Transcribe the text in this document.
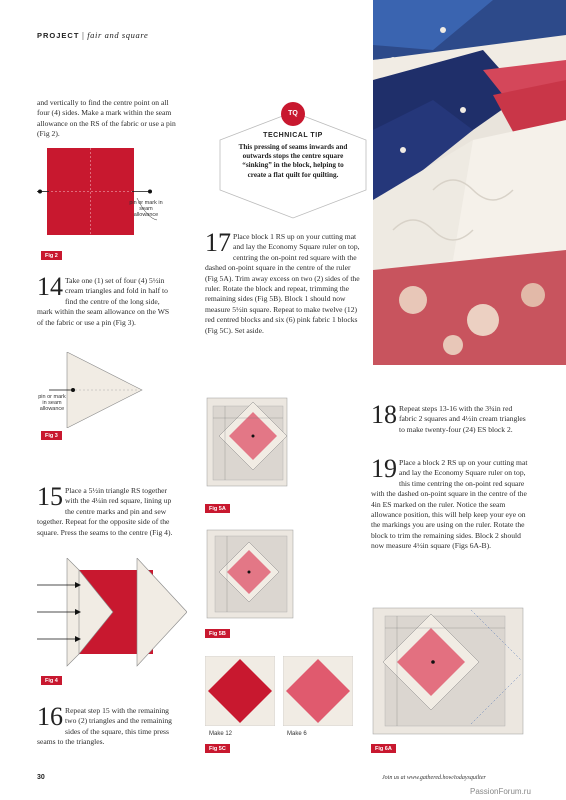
PROJECT | fair and square
and vertically to find the centre point on all four (4) sides. Make a mark within the seam allowance on the RS of the fabric or use a pin (Fig 2).
TQ
TECHNICAL TIP
This pressing of seams inwards and outwards stops the centre square “sinking” in the block, helping to create a flat quilt for quilting.
pin or mark in seam allowance
Fig 2
14 Take one (1) set of four (4) 5½in cream triangles and fold in half to find the centre of the long side, mark within the seam allowance on the WS of the fabric or use a pin (Fig 3).
pin or mark in seam allowance
Fig 3
15 Place a 5½in triangle RS together with the 4¼in red square, lining up the centre marks and pin and sew together. Repeat for the opposite side of the square. Press the seams to the centre (Fig 4).
Fig 4
16 Repeat step 15 with the remaining two (2) triangles and the remaining sides of the square, this time press seams to the triangles.
17 Place block 1 RS up on your cutting mat and lay the Economy Square ruler on top, centring the on-point red square with the dashed on-point square in the centre of the ruler (Fig 5A). Trim away excess on two (2) sides of the ruler. Rotate the block and repeat, trimming the remaining sides (Fig 5B). Block 1 should now measure 5½in square. Repeat to make twelve (12) red centred blocks and six (6) pink fabric 1 blocks (Fig 5C). Set aside.
Fig 5A
Fig 5B
Make 12	Make 6
Fig 5C
18 Repeat steps 13-16 with the 3¾in red fabric 2 squares and 4½in cream triangles to make twenty-four (24) ES block 2.
19 Place a block 2 RS up on your cutting mat and lay the Economy Square ruler on top, this time centring the on-point red square with the dashed on-point square in the centre of the 4in ES marked on the ruler. Notice the seam allowance position, this will help keep your eye on the markings you are using on the ruler. Rotate the block to trim the remaining sides. Block 2 should now measure 4½in square (Figs 6A-B).
Fig 6A
30	Join us at www.gathered.how/todaysquilter
PassionForum.ru
